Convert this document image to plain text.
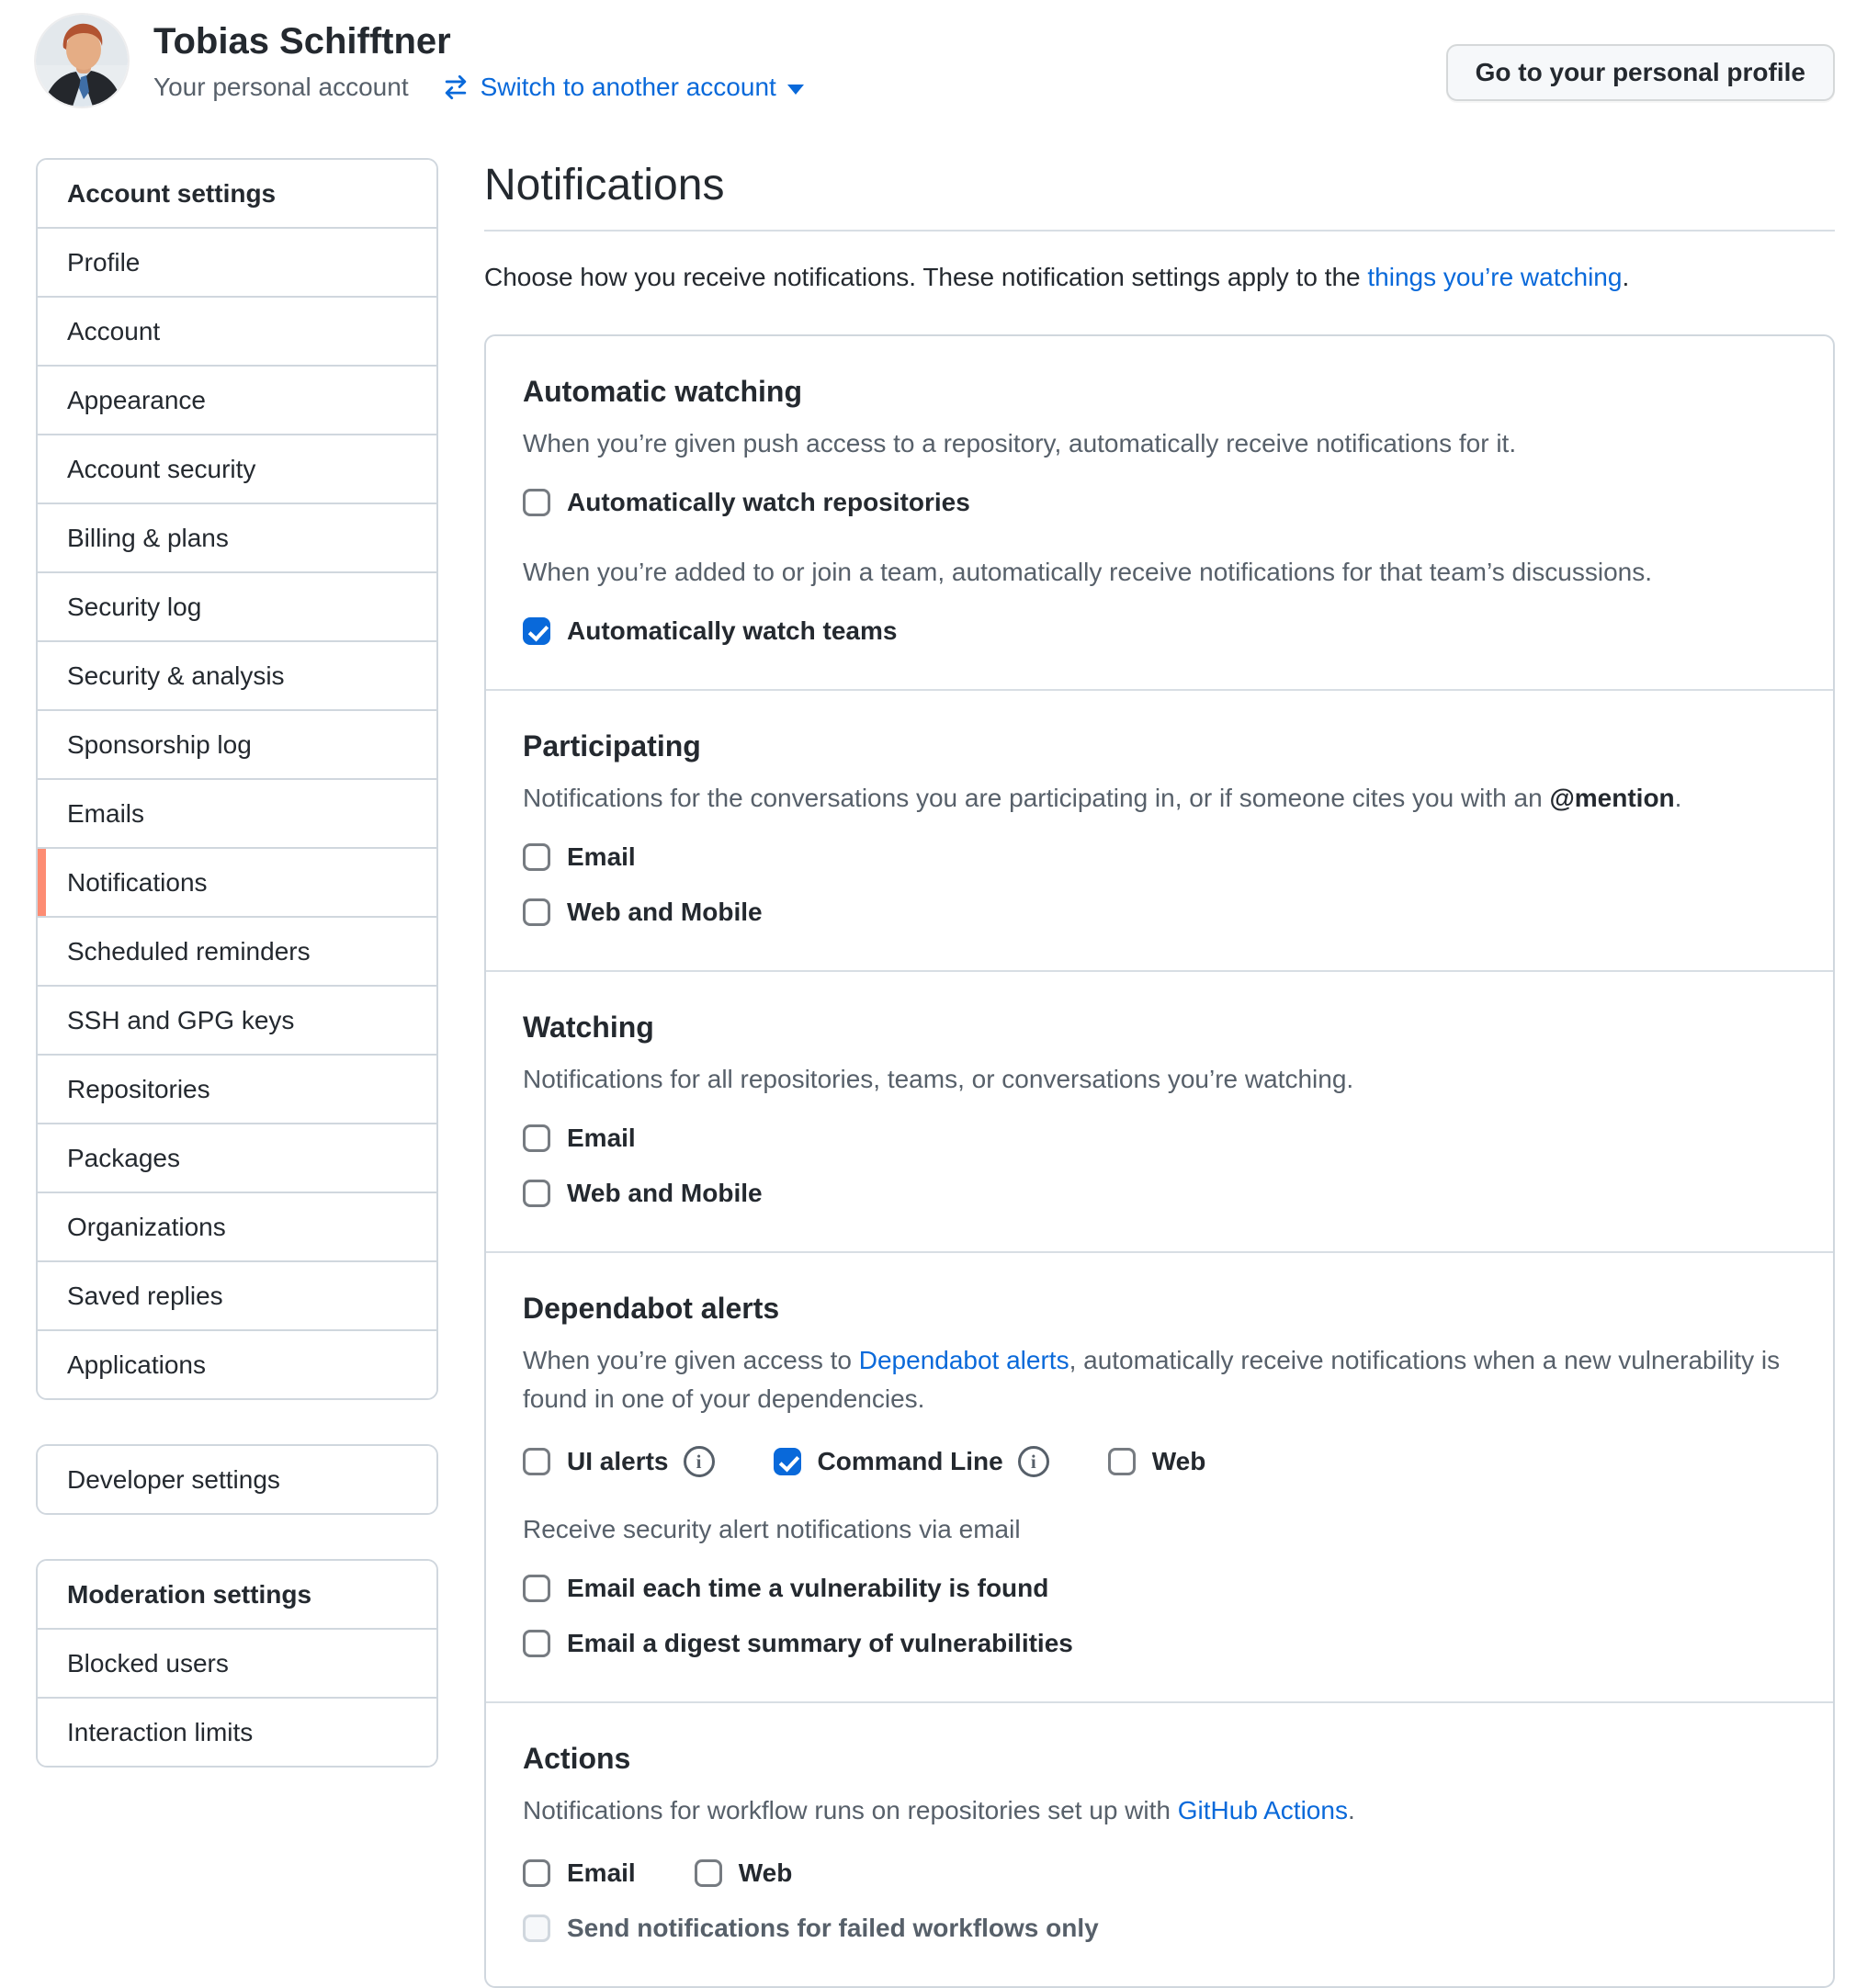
Tobias Schifftner
Your personal account	Switch to another account
Go to your personal profile
Account settings
Profile
Account
Appearance
Account security
Billing & plans
Security log
Security & analysis
Sponsorship log
Emails
Notifications
Scheduled reminders
SSH and GPG keys
Repositories
Packages
Organizations
Saved replies
Applications
Developer settings
Moderation settings
Blocked users
Interaction limits
Notifications
Choose how you receive notifications. These notification settings apply to the things you’re watching.
Automatic watching
When you’re given push access to a repository, automatically receive notifications for it.
Automatically watch repositories
When you’re added to or join a team, automatically receive notifications for that team’s discussions.
Automatically watch teams
Participating
Notifications for the conversations you are participating in, or if someone cites you with an @mention.
Email
Web and Mobile
Watching
Notifications for all repositories, teams, or conversations you’re watching.
Email
Web and Mobile
Dependabot alerts
When you’re given access to Dependabot alerts, automatically receive notifications when a new vulnerability is found in one of your dependencies.
UI alerts i	Command Line i	Web
Receive security alert notifications via email
Email each time a vulnerability is found
Email a digest summary of vulnerabilities
Actions
Notifications for workflow runs on repositories set up with GitHub Actions.
Email	Web
Send notifications for failed workflows only
